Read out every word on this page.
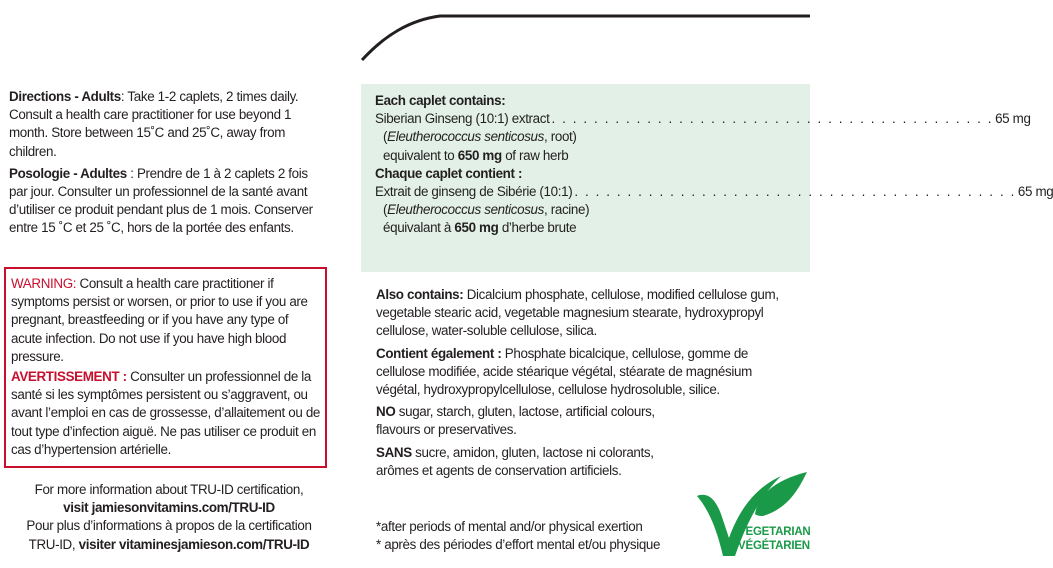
Directions - Adults: Take 1-2 caplets, 2 times daily. Consult a health care practitioner for use beyond 1 month. Store between 15˚C and 25˚C, away from children.
Posologie - Adultes : Prendre de 1 à 2 caplets 2 fois par jour. Consulter un professionnel de la santé avant d’utiliser ce produit pendant plus de 1 mois. Conserver entre 15 ˚C et 25 ˚C, hors de la portée des enfants.
WARNING: Consult a health care practitioner if symptoms persist or worsen, or prior to use if you are pregnant, breastfeeding or if you have any type of acute infection. Do not use if you have high blood pressure.
AVERTISSEMENT : Consulter un professionnel de la santé si les symptômes persistent ou s’aggravent, ou avant l’emploi en cas de grossesse, d’allaitement ou de tout type d’infection aiguë. Ne pas utiliser ce produit en cas d’hypertension artérielle.
For more information about TRU-ID certification,
visit jamiesonvitamins.com/TRU-ID
Pour plus d’informations à propos de la certification
TRU-ID, visiter vitaminesjamieson.com/TRU-ID
Each caplet contains:
Siberian Ginseng (10:1) extract . . . . . . . . . . . . . . . . . . . . . . . . . . . . . . . . . . . . . . . . . . 65 mg
(Eleutherococcus senticosus, root)
equivalent to 650 mg of raw herb
Chaque caplet contient :
Extrait de ginseng de Sibérie (10:1) . . . . . . . . . . . . . . . . . . . . . . . . . . . . . . . . . . . . . . . . . . 65 mg
(Eleutherococcus senticosus, racine)
équivalant à 650 mg d’herbe brute
Also contains: Dicalcium phosphate, cellulose, modified cellulose gum, vegetable stearic acid, vegetable magnesium stearate, hydroxypropyl cellulose, water-soluble cellulose, silica.
Contient également : Phosphate bicalcique, cellulose, gomme de cellulose modifiée, acide stéarique végétal, stéarate de magnésium végétal, hydroxypropylcellulose, cellulose hydrosoluble, silice.
NO sugar, starch, gluten, lactose, artificial colours, flavours or preservatives.
SANS sucre, amidon, gluten, lactose ni colorants, arômes et agents de conservation artificiels.
*after periods of mental and/or physical exertion
* après des périodes d’effort mental et/ou physique
VEGETARIAN
VÉGÉTARIEN
